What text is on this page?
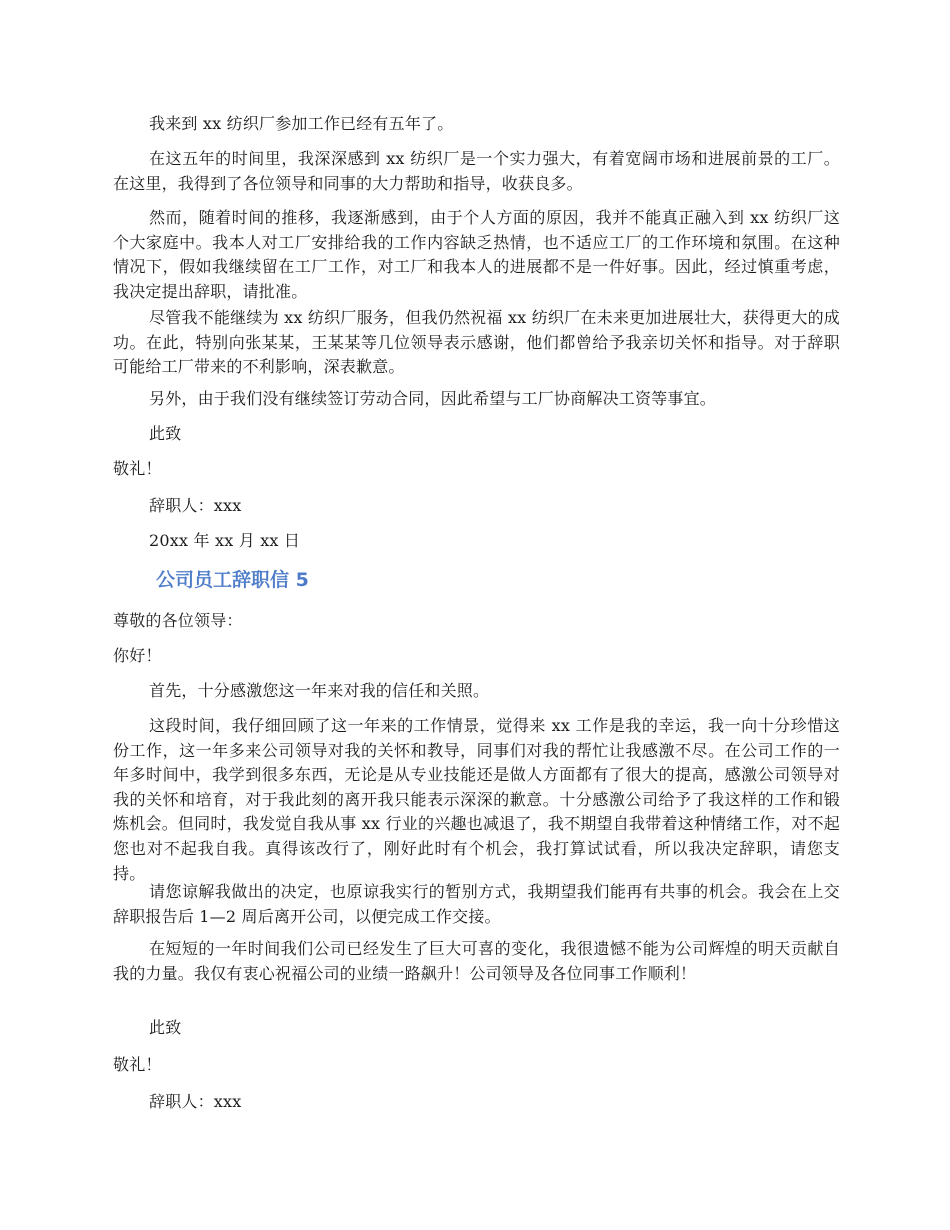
我来到 xx 纺织厂参加工作已经有五年了。

在这五年的时间里，我深深感到 xx 纺织厂是一个实力强大，有着宽阔市场和进展前景的工厂。在这里，我得到了各位领导和同事的大力帮助和指导，收获良多。

然而，随着时间的推移，我逐渐感到，由于个人方面的原因，我并不能真正融入到 xx 纺织厂这个大家庭中。我本人对工厂安排给我的工作内容缺乏热情，也不适应工厂的工作环境和氛围。在这种情况下，假如我继续留在工厂工作，对工厂和我本人的进展都不是一件好事。因此，经过慎重考虑，我决定提出辞职，请批准。

尽管我不能继续为 xx 纺织厂服务，但我仍然祝福 xx 纺织厂在未来更加进展壮大，获得更大的成功。在此，特别向张某某，王某某等几位领导表示感谢，他们都曾给予我亲切关怀和指导。对于辞职可能给工厂带来的不利影响，深表歉意。

另外，由于我们没有继续签订劳动合同，因此希望与工厂协商解决工资等事宜。

此致

敬礼！

辞职人：xxx

20xx 年 xx 月 xx 日

公司员工辞职信 5

尊敬的各位领导：

你好！

首先，十分感激您这一年来对我的信任和关照。

这段时间，我仔细回顾了这一年来的工作情景，觉得来 xx 工作是我的幸运，我一向十分珍惜这份工作，这一年多来公司领导对我的关怀和教导，同事们对我的帮忙让我感激不尽。在公司工作的一年多时间中，我学到很多东西，无论是从专业技能还是做人方面都有了很大的提高，感激公司领导对我的关怀和培育，对于我此刻的离开我只能表示深深的歉意。十分感激公司给予了我这样的工作和锻炼机会。但同时，我发觉自我从事 xx 行业的兴趣也减退了，我不期望自我带着这种情绪工作，对不起您也对不起我自我。真得该改行了，刚好此时有个机会，我打算试试看，所以我决定辞职，请您支持。

请您谅解我做出的决定，也原谅我实行的暂别方式，我期望我们能再有共事的机会。我会在上交辞职报告后 1—2 周后离开公司，以便完成工作交接。

在短短的一年时间我们公司已经发生了巨大可喜的变化，我很遗憾不能为公司辉煌的明天贡献自我的力量。我仅有衷心祝福公司的业绩一路飙升！公司领导及各位同事工作顺利！

此致

敬礼！

辞职人：xxx
